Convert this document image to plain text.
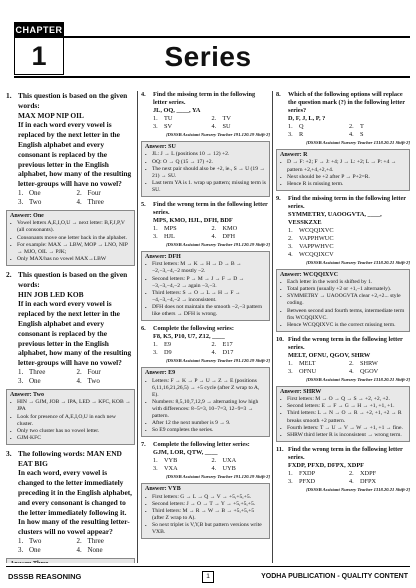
CHAPTER
1	Series
1. This question is based on the given words:
MAX MOP NIP OIL
If in each word every vowel is replaced by the next letter in the English alphabet and every consonant is replaced by the previous letter in the English alphabet, how many of the resulting letter-groups will have no vowel?
1. One	2. Four
3. Two	4. Three
Answer: One
• Vowel letters A,E,I,O,U → next letter: B,F,J,P,V (all consonants).
• Consonants move one letter back in the alphabet.
• For example: MAX → LBW, MOP → LNO, NIP → MJO, OIL → PJK;
• Only MAX/has no vowel MAX→LBW
2. This question is based on the given words:
HIN JOB LED KOB
If in each word every vowel is replaced by the next letter in the English alphabet and every consonant is replaced by the previous letter in the English alphabet, how many of the resulting letter-groups will have no vowel?
1. Three	2. Four
3. One	4. Two
Answer: Two
• HIN → GJM, JOB → IPA, LED → KFC, KOB → JPA
• Look for presence of A,E,I,O,U in each new cluster.
• Only two cluster has no vowel letter.
• GJM·KFC
3. The following words: MAN END EAT BIG
In each word, every vowel is changed to the letter immediately preceding it in the English alphabet, and every consonant is changed to the letter immediately following it. In how many of the resulting letter-clusters will no vowel appear?
1. Two	2. Three
3. One	4. None
4.	Find the missing term in the following letter series.
JL, OQ, ____, YA
1. TU	2. TV
3. SV	4. SU
[DSSSB Assistant Nursery Teacher 191.120.19 Shift-2]
Answer: SU
• JL: J → L (positions 10 → 12) +2.
• OQ: O → Q (15 → 17) +2.
• The next pair should also be +2, ie., S → U (19 → 21) → SU.
• Last term YA is 1. wrap up pattern; missing term is SU.
5.	Find the wrong term in the following letter series.
MPS, KMO, HJL, DFH, BDF
1. MPS	2. KMO
3. HJL	4. DFH
[DSSSB Assistant Nursery Teacher 191.120.19 Shift-2]
Answer: DFH
• First letters: M → K → H → D → B → −2,−3,−4,−2 mostly −2.
• Second letters: P → M → J → F → D → −3,−3,−4,−2 → again −3,−3.
• Third letters: S → O → L → H → F → −4,−3,−4,−2 → inconsistent.
• DFH does not maintain the smooth −2,−3 pattern like others → DFH is wrong.
6.	Complete the following series:
F8, K5, P10, U7, Z12, ____
1. E9	2. E17
3. D9	4. D17
[DSSSB Assistant Nursery Teacher 191.120.19 Shift-2]
Answer: E9
• Letters: F → K → P → U → Z → E (positions 6,11,16,21,26,5) → +5 cycle (after Z wrap to A, E).
• Numbers: 8,5,10,7,12,9 → alternating low high with differences: 8−5=3, 10−7=3, 12−9=3 → pattern.
• After 12 the next number is 9 → 9.
• So E9 completes the series.
7.	Complete the following letter series:
GJM, LOR, QTW, ____
1. VYB	2. UXA
3. VXA	4. UYB
[DSSSB Assistant Nursery Teacher 191.120.19 Shift-2]
Answer: VYB
• First letters: G → L → Q → V → +5,+5,+5.
• Second letters: J → O → T → Y → +5,+5,+5.
• Third letters: M → R → W → B → +5,+5,+5 (after Z wrap to A).
• So next triplet is V,Y,B but pattern versions write VXB.
8.	Which of the following options will replace the question mark (?) in the following letter series?
D, F, J, L, P, ?
1. Q	2. T
3. R	4. S
[DSSSB Assistant Nursery Teacher 1318.20.21 Shift-2]
Answer: R
• D → F: +2; F → J: +4; J → L: +2; L → P: +4 → pattern +2,+4,+2,+4.
• Next should be +2 after P → P+2=R.
• Hence R is missing term.
9.	Find the missing term in the following letter series.
SYMMETRY, UAOOGVTA, ____, VESSKZXE
1. WCQQIXVC
2. VAPPHWUC
3. VAPPWHVC
4. WCQQIXCV
[DSSSB Assistant Nursery Teacher 1318.20.21 Shift-2]
Answer: WCQQIXVC
• Each letter in the word is shifted by 1.
• Total pattern (usually +2 or +1,−1 alternately).
• SYMMETRY → UAOOGVTA clear +2,+2... style coding.
• Between second and fourth terms, intermediate term fits WCQQIXVC.
• Hence WCQQIXVC is the correct missing term.
10. Find the wrong term in the following letter series.
MELT, OFNU, QGOV, SHRW
1. MELT	2. SHRW
3. OFNU	4. QGOV
[DSSSB Assistant Nursery Teacher 1318.20.21 Shift-2]
Answer: SHRW
• First letters: M → O → Q → S → +2, +2, +2.
• Second letters: E → F → G → H → +1, +1, +1.
• Third letters: L → N → O → R → +2, +1, +2 → R breaks smooth +2 pattern.
• Fourth letters: T → U → V → W → +1, +1 → fine.
• SHRW third letter R is inconsistent → wrong term.
11. Find the wrong term in the following letter series.
FXDP, PFXD, DFPX, XDPF
1. FXDP	2. XDPF
3. PFXD	4. DFPX
[DSSSB Assistant Nursery Teacher 1318.20.21 Shift-2]
DSSSB REASONING	1	YODHA PUBLICATION - QUALITY CONTENT
